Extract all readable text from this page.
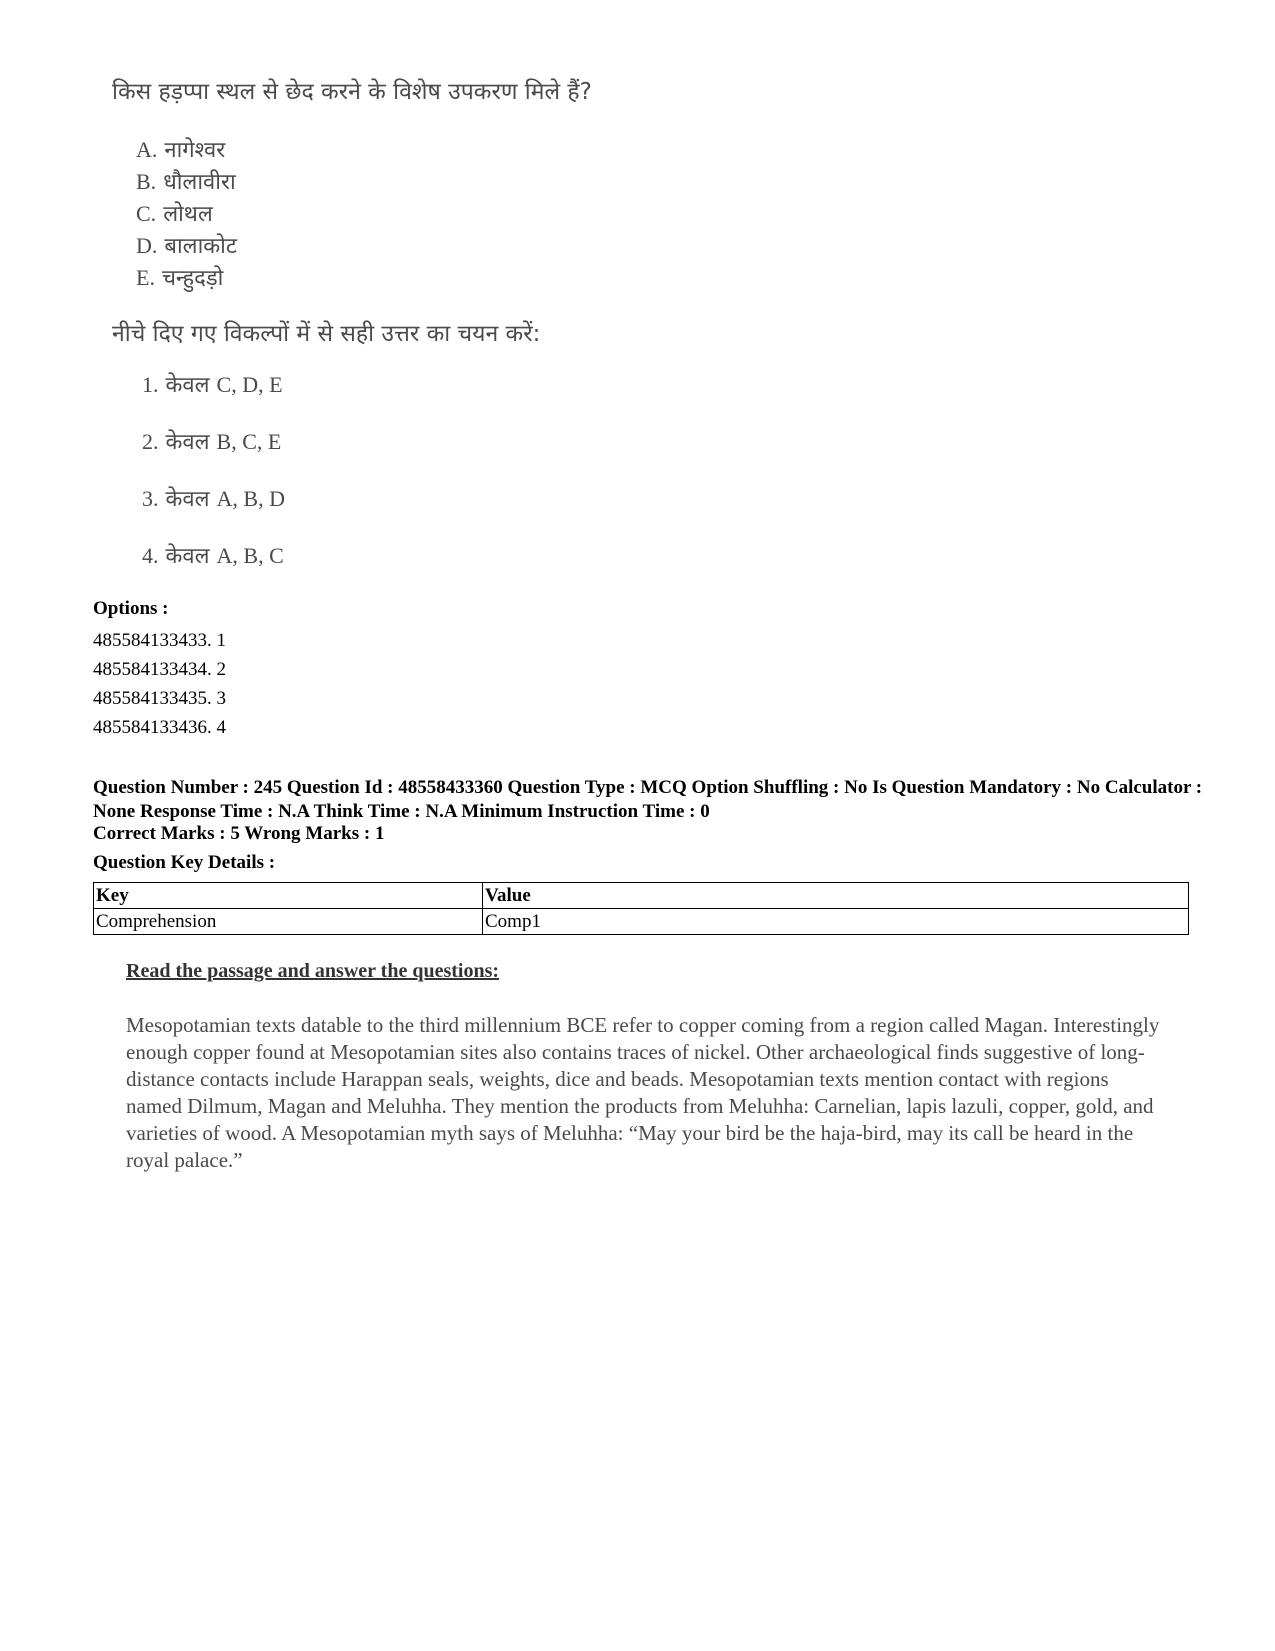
किस हड़प्पा स्थल से छेद करने के विशेष उपकरण मिले हैं?
A. नागेश्वर
B. धौलावीरा
C. लोथल
D. बालाकोट
E. चन्हुदड़ो
नीचे दिए गए विकल्पों में से सही उत्तर का चयन करें:
1. केवल C, D, E
2. केवल B, C, E
3. केवल A, B, D
4. केवल A, B, C
Options :
485584133433. 1
485584133434. 2
485584133435. 3
485584133436. 4
Question Number : 245 Question Id : 48558433360 Question Type : MCQ Option Shuffling : No Is Question Mandatory : No Calculator : None Response Time : N.A Think Time : N.A Minimum Instruction Time : 0
Correct Marks : 5 Wrong Marks : 1
Question Key Details :
Key	Value
Comprehension	Comp1
Read the passage and answer the questions:

Mesopotamian texts datable to the third millennium BCE refer to copper coming from a region called Magan. Interestingly enough copper found at Mesopotamian sites also contains traces of nickel. Other archaeological finds suggestive of long-distance contacts include Harappan seals, weights, dice and beads. Mesopotamian texts mention contact with regions named Dilmum, Magan and Meluhha. They mention the products from Meluhha: Carnelian, lapis lazuli, copper, gold, and varieties of wood. A Mesopotamian myth says of Meluhha: “May your bird be the haja-bird, may its call be heard in the royal palace.”
